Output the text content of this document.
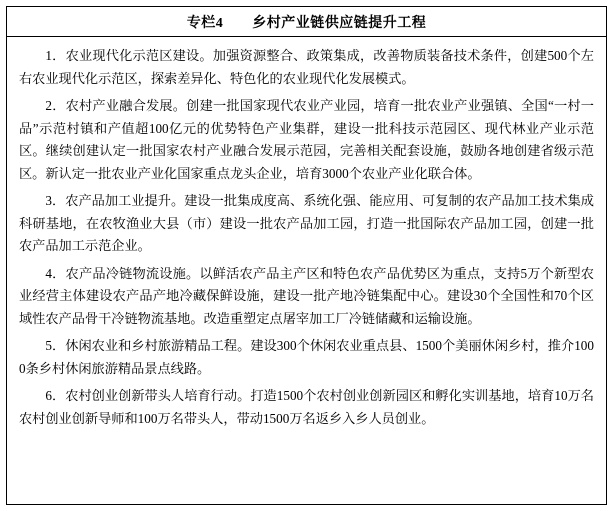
专栏4　　乡村产业链供应链提升工程

1．农业现代化示范区建设。加强资源整合、政策集成，改善物质装备技术条件，创建500个左右农业现代化示范区，探索差异化、特色化的农业现代化发展模式。

2．农村产业融合发展。创建一批国家现代农业产业园，培育一批农业产业强镇、全国“一村一品”示范村镇和产值超100亿元的优势特色产业集群，建设一批科技示范园区、现代林业产业示范区。继续创建认定一批国家农村产业融合发展示范园，完善相关配套设施，鼓励各地创建省级示范区。新认定一批农业产业化国家重点龙头企业，培育3000个农业产业化联合体。

3．农产品加工业提升。建设一批集成度高、系统化强、能应用、可复制的农产品加工技术集成科研基地，在农牧渔业大县（市）建设一批农产品加工园，打造一批国际农产品加工园，创建一批农产品加工示范企业。

4．农产品冷链物流设施。以鲜活农产品主产区和特色农产品优势区为重点，支持5万个新型农业经营主体建设农产品产地冷藏保鲜设施，建设一批产地冷链集配中心。建设30个全国性和70个区域性农产品骨干冷链物流基地。改造重塑定点屠宰加工厂冷链储藏和运输设施。

5．休闲农业和乡村旅游精品工程。建设300个休闲农业重点县、1500个美丽休闲乡村，推介1000条乡村休闲旅游精品景点线路。

6．农村创业创新带头人培育行动。打造1500个农村创业创新园区和孵化实训基地，培育10万名农村创业创新导师和100万名带头人，带动1500万名返乡入乡人员创业。
